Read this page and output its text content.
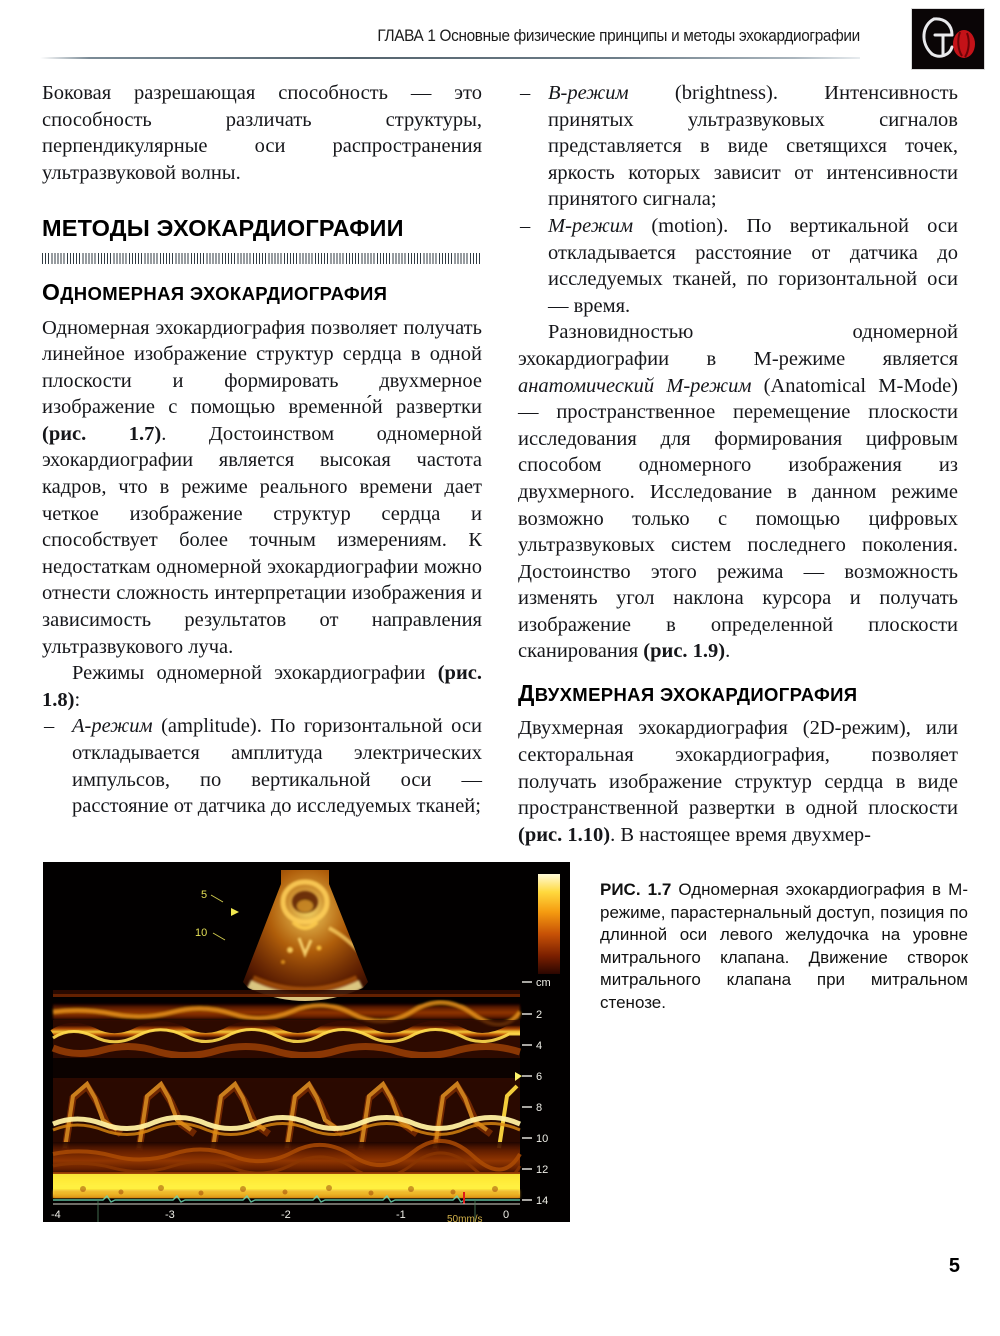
ГЛАВА 1 Основные физические принципы и методы эхокардиографии

Боковая разрешающая способность — это способность различать структуры, перпендикулярные оси распространения ультразвуковой волны.

МЕТОДЫ ЭХОКАРДИОГРАФИИ
ОДНОМЕРНАЯ ЭХОКАРДИОГРАФИЯ

Одномерная эхокардиография позволяет получать линейное изображение структур сердца в одной плоскости и формировать двухмерное изображение с помощью временно́й развертки (рис. 1.7). Достоинством одномерной эхокардиографии является высокая частота кадров, что в режиме реального времени дает четкое изображение структур сердца и способствует более точным измерениям. К недостаткам одномерной эхокардиографии можно отнести сложность интерпретации изображения и зависимость результатов от направления ультразвукового луча.

Режимы одномерной эхокардиографии (рис. 1.8):

– А-режим (amplitude). По горизонтальной оси откладывается амплитуда электрических импульсов, по вертикальной оси — расстояние от датчика до исследуемых тканей;
– B-режим (brightness). Интенсивность принятых ультразвуковых сигналов представляется в виде светящихся точек, яркость которых зависит от интенсивности принятого сигнала;
– М-режим (motion). По вертикальной оси откладывается расстояние от датчика до исследуемых тканей, по горизонтальной оси — время.

Разновидностью одномерной эхокардиографии в М-режиме является анатомический М-режим (Anatomical M-Mode) — пространственное перемещение плоскости исследования для формирования цифровым способом одномерного изображения из двухмерного. Исследование в данном режиме возможно только с помощью цифровых ультразвуковых систем последнего поколения. Достоинство этого режима — возможность изменять угол наклона курсора и получать изображение в определенной плоскости сканирования (рис. 1.9).

ДВУХМЕРНАЯ ЭХОКАРДИОГРАФИЯ

Двухмерная эхокардиография (2D-режим), или секторальная эхокардиография, позволяет получать изображение структур сердца в виде пространственной развертки в одной плоскости (рис. 1.10). В настоящее время двухмер-

5
10
cm
2
4
6
8
10
12
14
-4	-3	-2	-1	0
50mm/s

РИС. 1.7 Одномерная эхокардиография в М-режиме, парастернальный доступ, позиция по длинной оси левого желудочка на уровне митрального клапана. Движение створок митрального клапана при митральном стенозе.

5
